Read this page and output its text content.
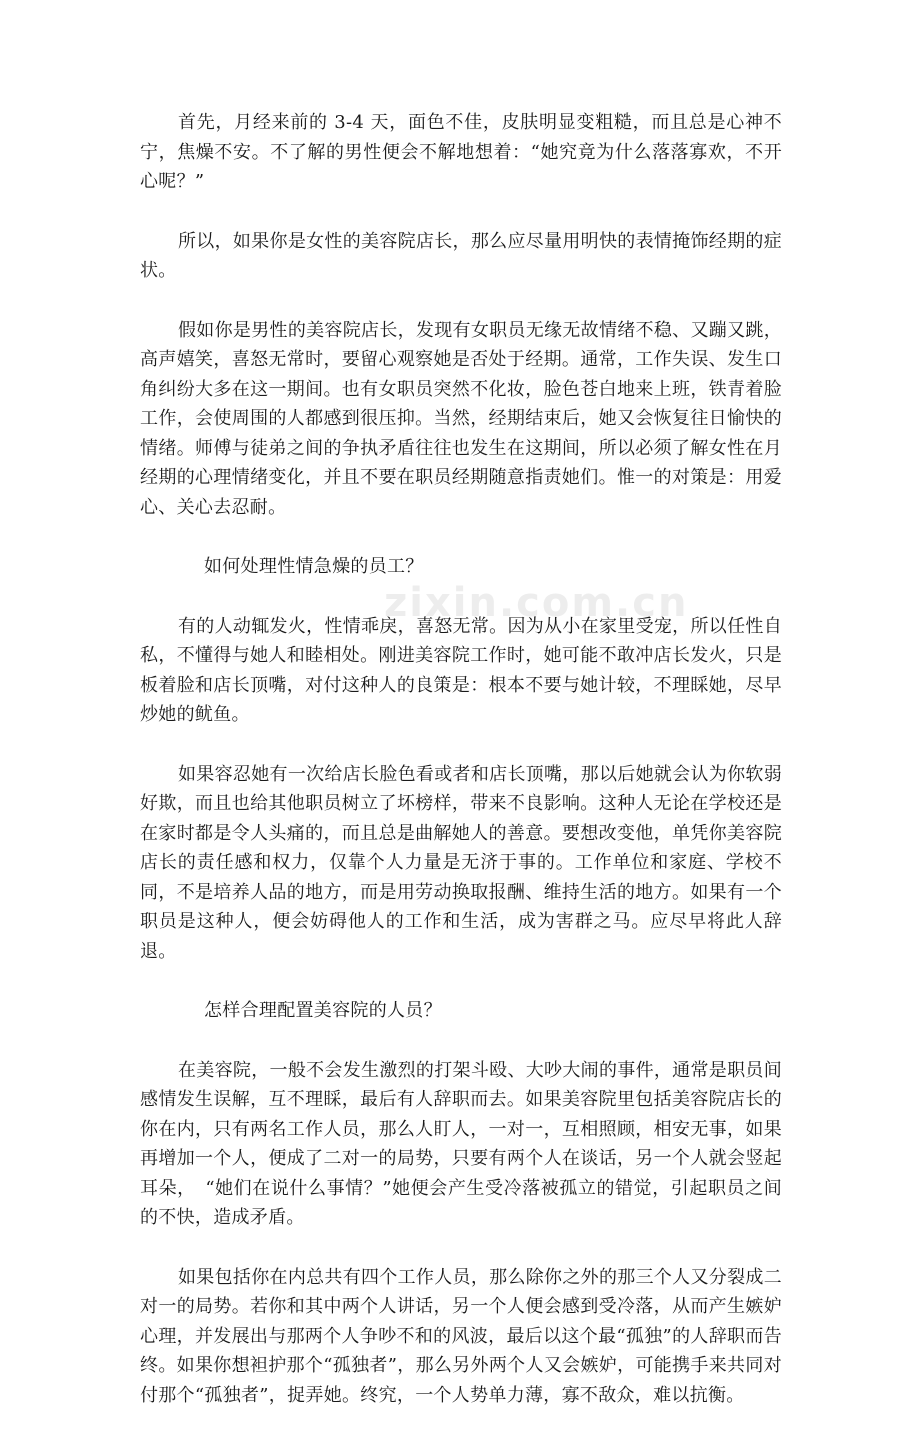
首先，月经来前的 3-4 天，面色不佳，皮肤明显变粗糙，而且总是心神不宁，焦燥不安。不了解的男性便会不解地想着：“她究竟为什么落落寡欢，不开心呢？”

所以，如果你是女性的美容院店长，那么应尽量用明快的表情掩饰经期的症状。

假如你是男性的美容院店长，发现有女职员无缘无故情绪不稳、又蹦又跳，高声嬉笑，喜怒无常时，要留心观察她是否处于经期。通常，工作失误、发生口角纠纷大多在这一期间。也有女职员突然不化妆，脸色苍白地来上班，铁青着脸工作，会使周围的人都感到很压抑。当然，经期结束后，她又会恢复往日愉快的情绪。师傅与徒弟之间的争执矛盾往往也发生在这期间，所以必须了解女性在月经期的心理情绪变化，并且不要在职员经期随意指责她们。惟一的对策是：用爱心、关心去忍耐。

如何处理性情急燥的员工？

有的人动辄发火，性情乖戾，喜怒无常。因为从小在家里受宠，所以任性自私，不懂得与她人和睦相处。刚进美容院工作时，她可能不敢冲店长发火，只是板着脸和店长顶嘴，对付这种人的良策是：根本不要与她计较，不理睬她，尽早炒她的鱿鱼。

如果容忍她有一次给店长脸色看或者和店长顶嘴，那以后她就会认为你软弱好欺，而且也给其他职员树立了坏榜样，带来不良影响。这种人无论在学校还是在家时都是令人头痛的，而且总是曲解她人的善意。要想改变他，单凭你美容院店长的责任感和权力，仅靠个人力量是无济于事的。工作单位和家庭、学校不同，不是培养人品的地方，而是用劳动换取报酬、维持生活的地方。如果有一个职员是这种人，便会妨碍他人的工作和生活，成为害群之马。应尽早将此人辞退。

怎样合理配置美容院的人员？

在美容院，一般不会发生激烈的打架斗殴、大吵大闹的事件，通常是职员间感情发生误解，互不理睬，最后有人辞职而去。如果美容院里包括美容院店长的你在内，只有两名工作人员，那么人盯人，一对一，互相照顾，相安无事，如果再增加一个人，便成了二对一的局势，只要有两个人在谈话，另一个人就会竖起耳朵，　“她们在说什么事情？”她便会产生受冷落被孤立的错觉，引起职员之间的不快，造成矛盾。

如果包括你在内总共有四个工作人员，那么除你之外的那三个人又分裂成二对一的局势。若你和其中两个人讲话，另一个人便会感到受冷落，从而产生嫉妒心理，并发展出与那两个人争吵不和的风波，最后以这个最“孤独”的人辞职而告终。如果你想袒护那个“孤独者”，那么另外两个人又会嫉妒，可能携手来共同对付那个“孤独者”，捉弄她。终究，一个人势单力薄，寡不敌众，难以抗衡。

zixin.com.cn
